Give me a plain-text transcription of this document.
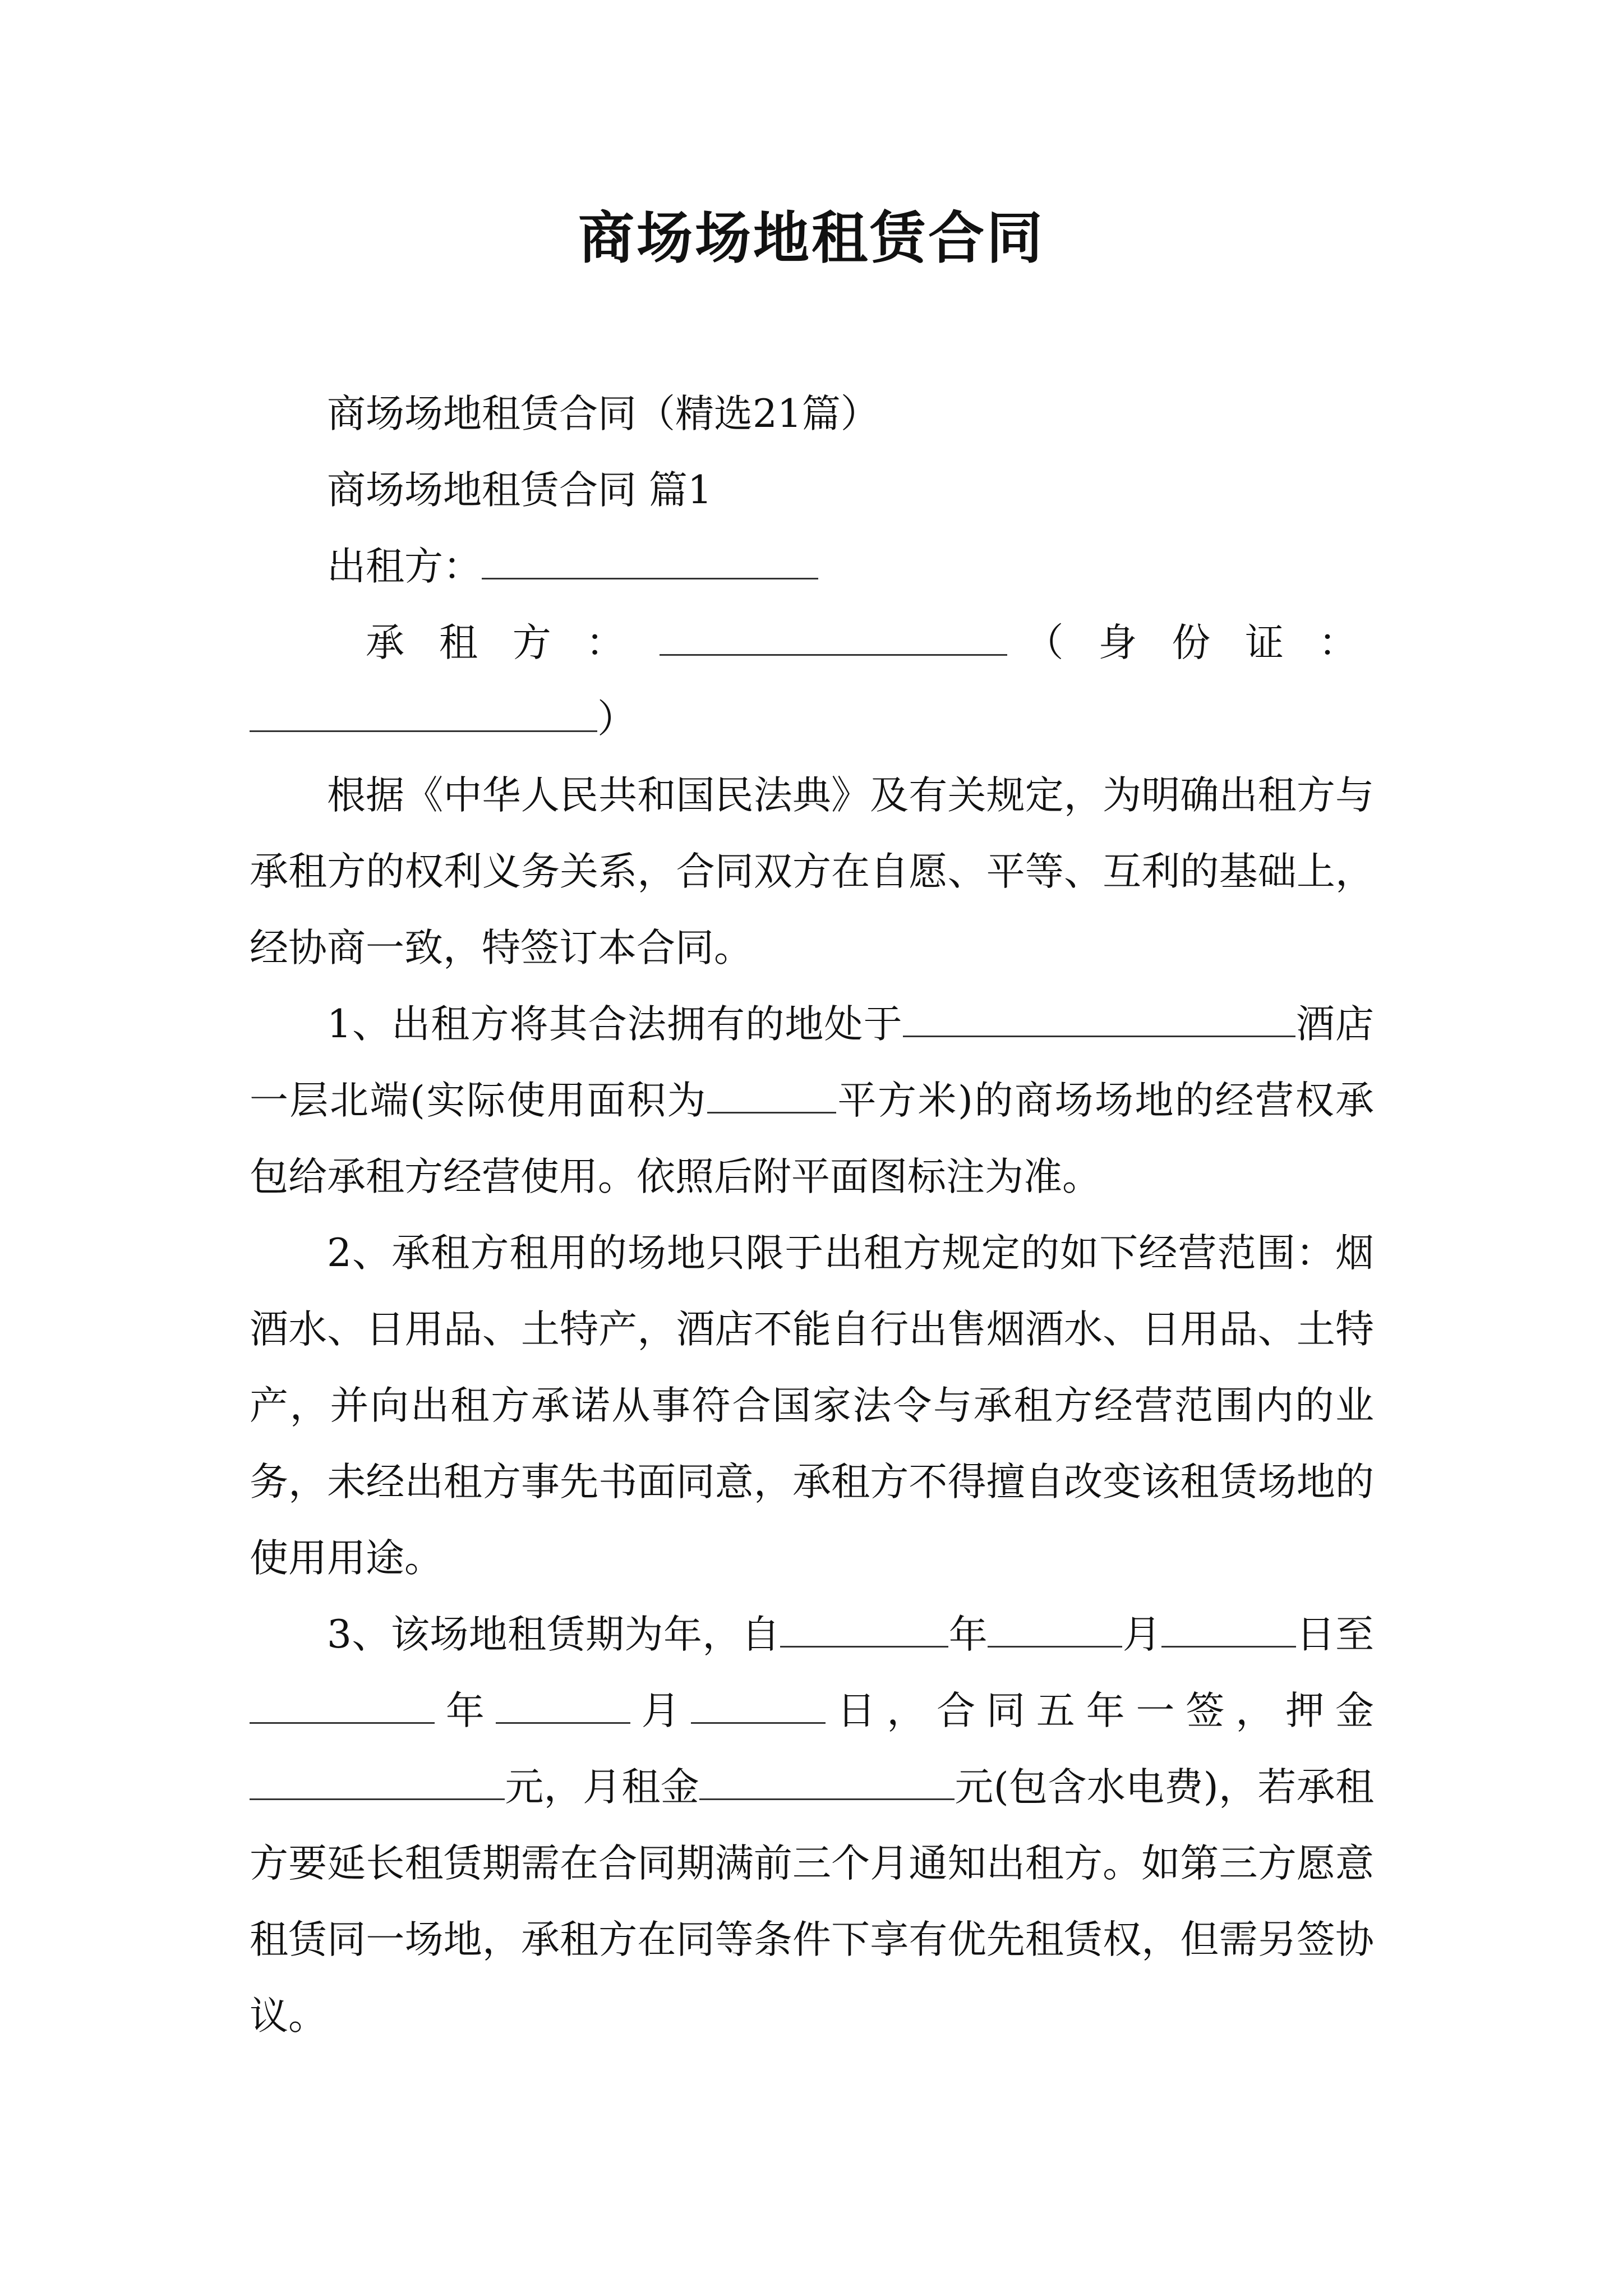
商场场地租赁合同

商场场地租赁合同（精选21篇）

商场场地租赁合同 篇1

出租方：

承租方：	（身份证：

）

根据《中华人民共和国民法典》及有关规定，为明确出租方与承租方的权利义务关系，合同双方在自愿、平等、互利的基础上，经协商一致，特签订本合同。

1、出租方将其合法拥有的地处于	酒店一层北端(实际使用面积为	平方米)的商场场地的经营权承包给承租方经营使用。依照后附平面图标注为准。

2、承租方租用的场地只限于出租方规定的如下经营范围：烟酒水、日用品、土特产，酒店不能自行出售烟酒水、日用品、土特产，并向出租方承诺从事符合国家法令与承租方经营范围内的业务，未经出租方事先书面同意，承租方不得擅自改变该租赁场地的使用用途。

3、该场地租赁期为年，自	年	月	日至年	月	日，合同五年一签，押金元，月租金	元(包含水电费)，若承租方要延长租赁期需在合同期满前三个月通知出租方。如第三方愿意租赁同一场地，承租方在同等条件下享有优先租赁权，但需另签协议。
